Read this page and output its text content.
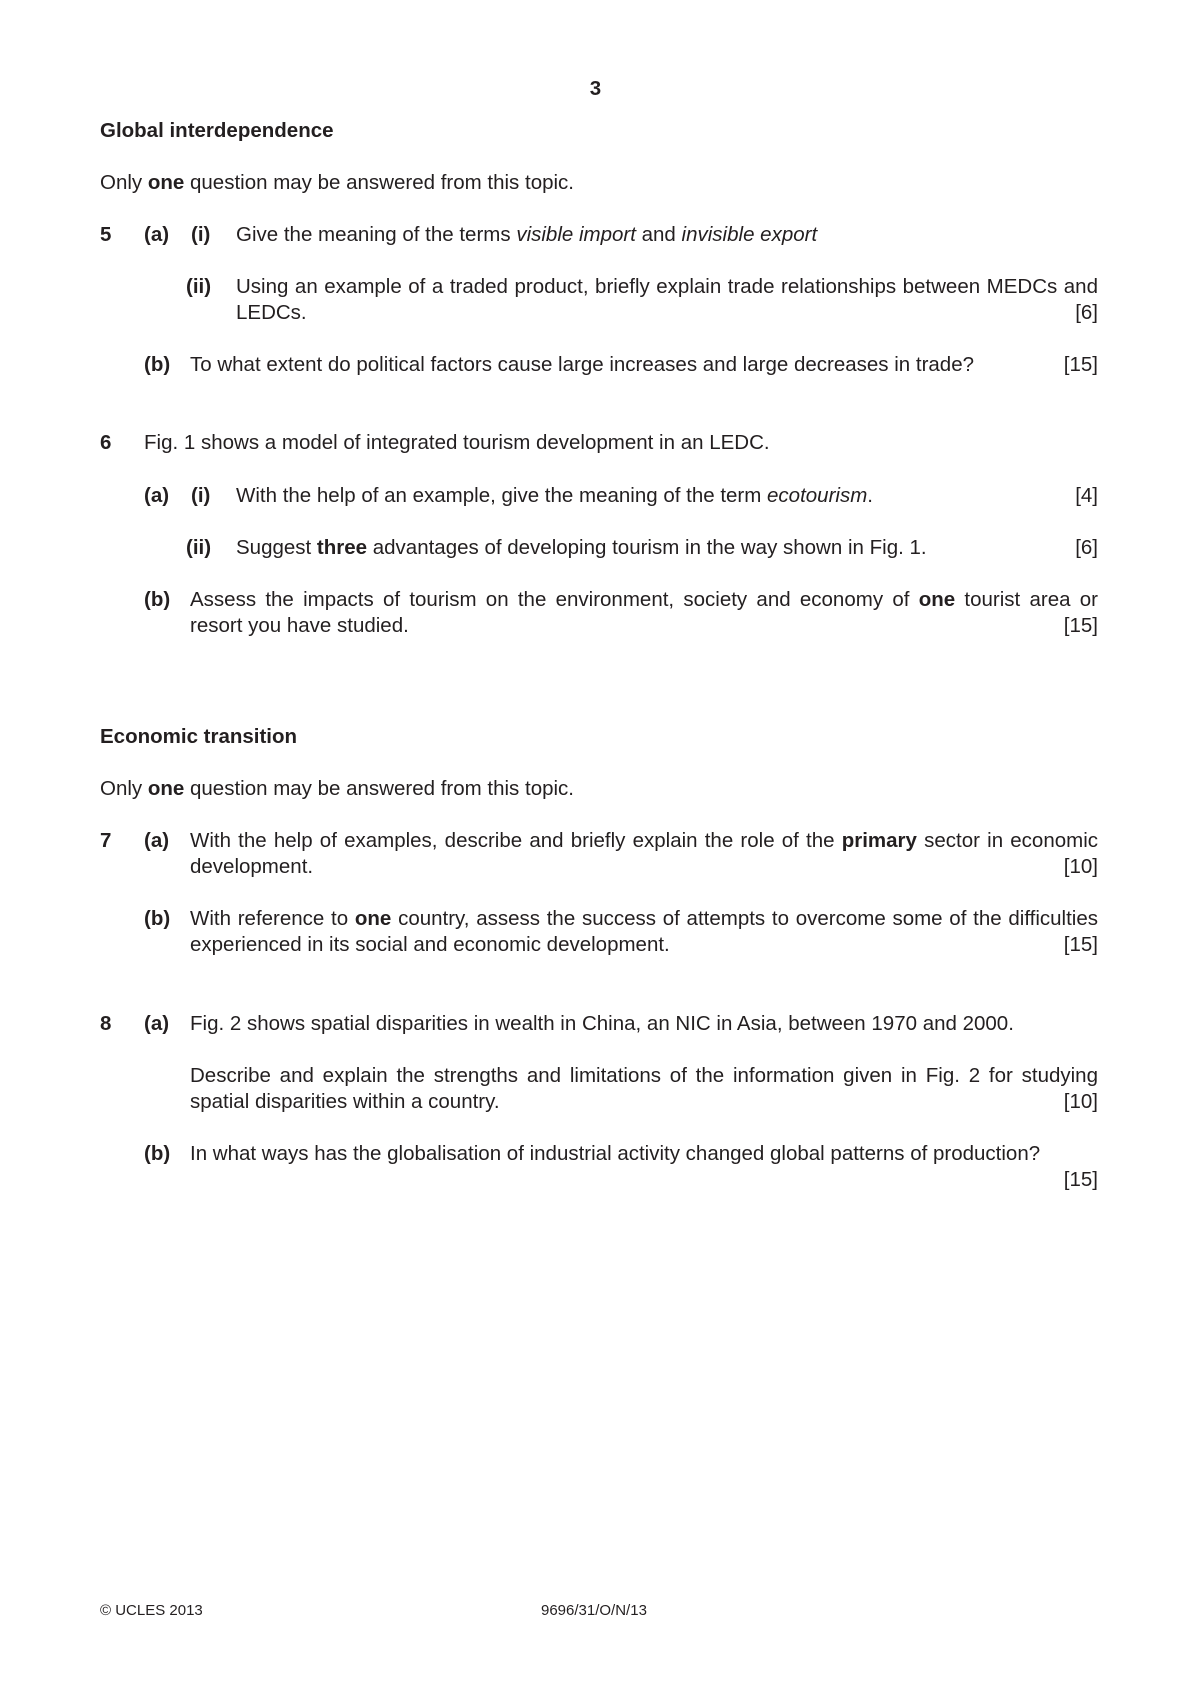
3
Global interdependence
Only one question may be answered from this topic.
5 (a) (i) Give the meaning of the terms visible import and invisible export
(ii) Using an example of a traded product, briefly explain trade relationships between MEDCs and LEDCs.	[6]
(b) To what extent do political factors cause large increases and large decreases in trade?	[15]
6 Fig. 1 shows a model of integrated tourism development in an LEDC.
(a) (i) With the help of an example, give the meaning of the term ecotourism.	[4]
(ii) Suggest three advantages of developing tourism in the way shown in Fig. 1.	[6]
(b) Assess the impacts of tourism on the environment, society and economy of one tourist area or resort you have studied.	[15]
Economic transition
Only one question may be answered from this topic.
7 (a) With the help of examples, describe and briefly explain the role of the primary sector in economic development.	[10]
(b) With reference to one country, assess the success of attempts to overcome some of the difficulties experienced in its social and economic development.	[15]
8 (a) Fig. 2 shows spatial disparities in wealth in China, an NIC in Asia, between 1970 and 2000.
Describe and explain the strengths and limitations of the information given in Fig. 2 for studying spatial disparities within a country.	[10]
(b) In what ways has the globalisation of industrial activity changed global patterns of production?
[15]
© UCLES 2013	9696/31/O/N/13
